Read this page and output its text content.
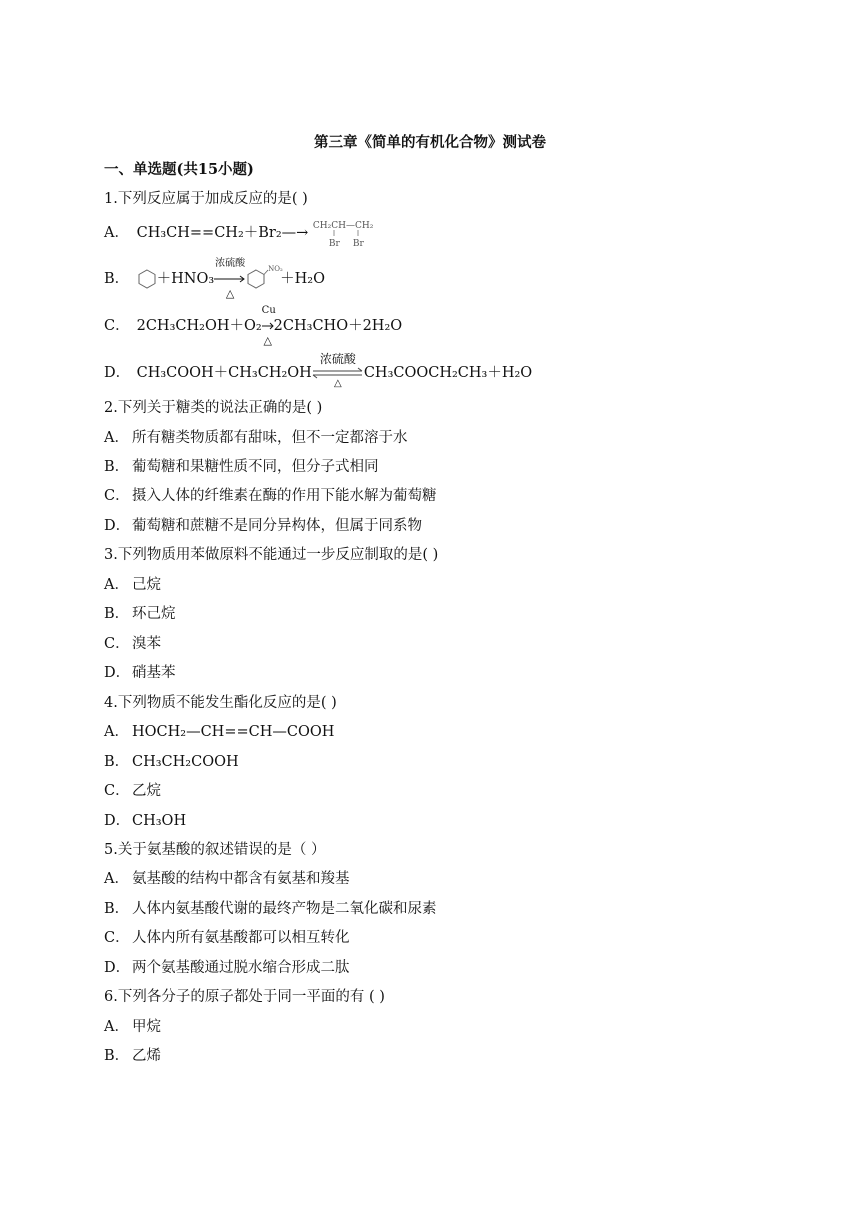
第三章《简单的有机化合物》测试卷
一、单选题(共15小题)
1.下列反应属于加成反应的是( )
A． CH₃CH==CH₂＋Br₂—→ CH₂CH—CH₂
Br Br
B． ＋HNO₃
浓硫酸
△
NO₂
＋H₂O
C． 2CH₃CH₂OH＋O₂
Cu
△
2CH₃CHO＋2H₂O
D． CH₃COOH＋CH₃CH₂OH
浓硫酸
△
CH₃COOCH₂CH₃＋H₂O
2.下列关于糖类的说法正确的是( )
A． 所有糖类物质都有甜味，但不一定都溶于水
B． 葡萄糖和果糖性质不同，但分子式相同
C． 摄入人体的纤维素在酶的作用下能水解为葡萄糖
D． 葡萄糖和蔗糖不是同分异构体，但属于同系物
3.下列物质用苯做原料不能通过一步反应制取的是( )
A． 己烷
B． 环己烷
C． 溴苯
D． 硝基苯
4.下列物质不能发生酯化反应的是( )
A． HOCH₂—CH==CH—COOH
B． CH₃CH₂COOH
C． 乙烷
D． CH₃OH
5.关于氨基酸的叙述错误的是（ ）
A． 氨基酸的结构中都含有氨基和羧基
B． 人体内氨基酸代谢的最终产物是二氧化碳和尿素
C． 人体内所有氨基酸都可以相互转化
D． 两个氨基酸通过脱水缩合形成二肽
6.下列各分子的原子都处于同一平面的有 ( )
A． 甲烷
B． 乙烯
